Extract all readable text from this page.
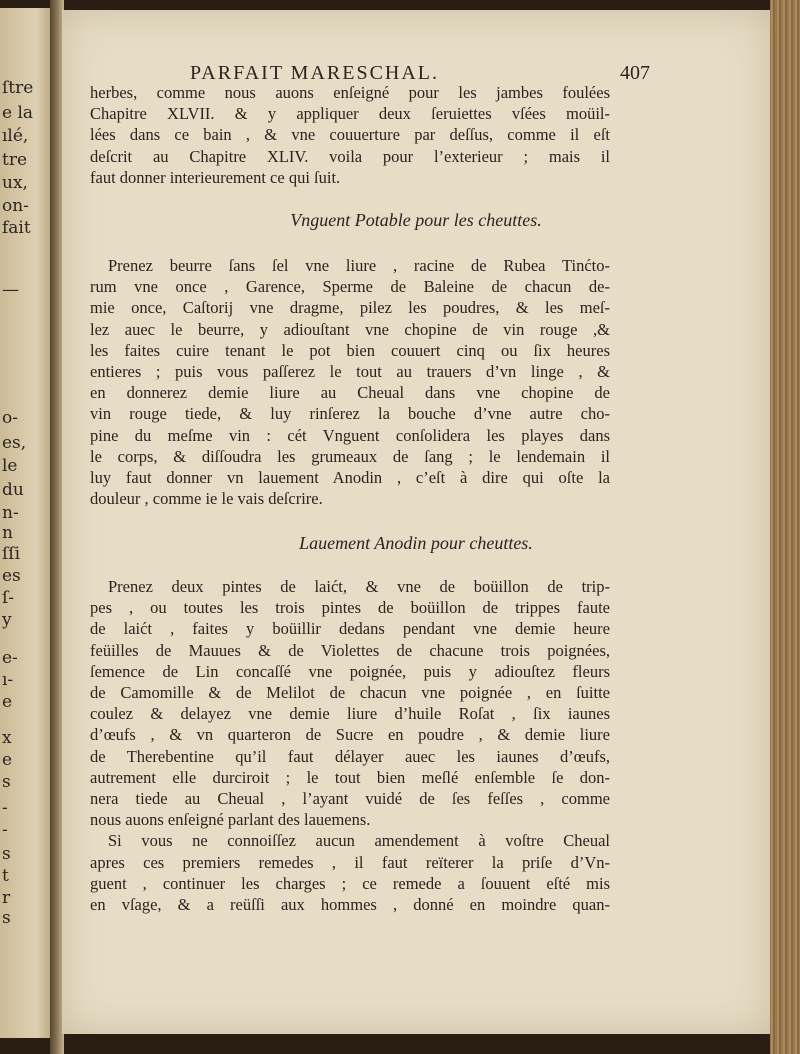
ſtre
e la
ılé,
tre
ux,
on-
fait
—
o-
es,
le
du
n-
n
ſſi
es
ſ-
y
e-
ı-
e
x
e
s
-
-
s
t
r
s
PARFAIT MARESCHAL.	407
herbes, comme nous auons enſeigné pour les jambes foulées
Chapitre XLVII. & y appliquer deux ſeruiettes vſées moüil-
lées dans ce bain , & vne couuerture par deſſus, comme il eſt
deſcrit au Chapitre XLIV. voila pour l’exterieur ; mais il
faut donner interieurement ce qui ſuit.
Vnguent Potable pour les cheuttes.
Prenez beurre ſans ſel vne liure , racine de Rubea Tinćto-
rum vne once , Garence, Sperme de Baleine de chacun de-
mie once, Caſtorij vne dragme, pilez les poudres, & les meſ-
lez auec le beurre, y adiouſtant vne chopine de vin rouge ,&
les faites cuire tenant le pot bien couuert cinq ou ſix heures
entieres ; puis vous paſſerez le tout au trauers d’vn linge , &
en donnerez demie liure au Cheual dans vne chopine de
vin rouge tiede, & luy rinſerez la bouche d’vne autre cho-
pine du meſme vin : cét Vnguent conſolidera les playes dans
le corps, & diſſoudra les grumeaux de ſang ; le lendemain il
luy faut donner vn lauement Anodin , c’eſt à dire qui oſte la
douleur , comme ie le vais deſcrire.
Lauement Anodin pour cheuttes.
Prenez deux pintes de laićt, & vne de boüillon de trip-
pes , ou toutes les trois pintes de boüillon de trippes faute
de laićt , faites y boüillir dedans pendant vne demie heure
feüilles de Mauues & de Violettes de chacune trois poignées,
ſemence de Lin concaſſé vne poignée, puis y adiouſtez fleurs
de Camomille & de Melilot de chacun vne poignée , en ſuitte
coulez & delayez vne demie liure d’huile Roſat , ſix iaunes
d’œufs , & vn quarteron de Sucre en poudre , & demie liure
de Therebentine qu’il faut délayer auec les iaunes d’œufs,
autrement elle durciroit ; le tout bien meſlé enſemble ſe don-
nera tiede au Cheual , l’ayant vuidé de ſes feſſes , comme
nous auons enſeigné parlant des lauemens.
Si vous ne connoiſſez aucun amendement à voſtre Cheual
apres ces premiers remedes , il faut reïterer la priſe d’Vn-
guent , continuer les charges ; ce remede a ſouuent eſté mis
en vſage, & a reüſſi aux hommes , donné en moindre quan-
